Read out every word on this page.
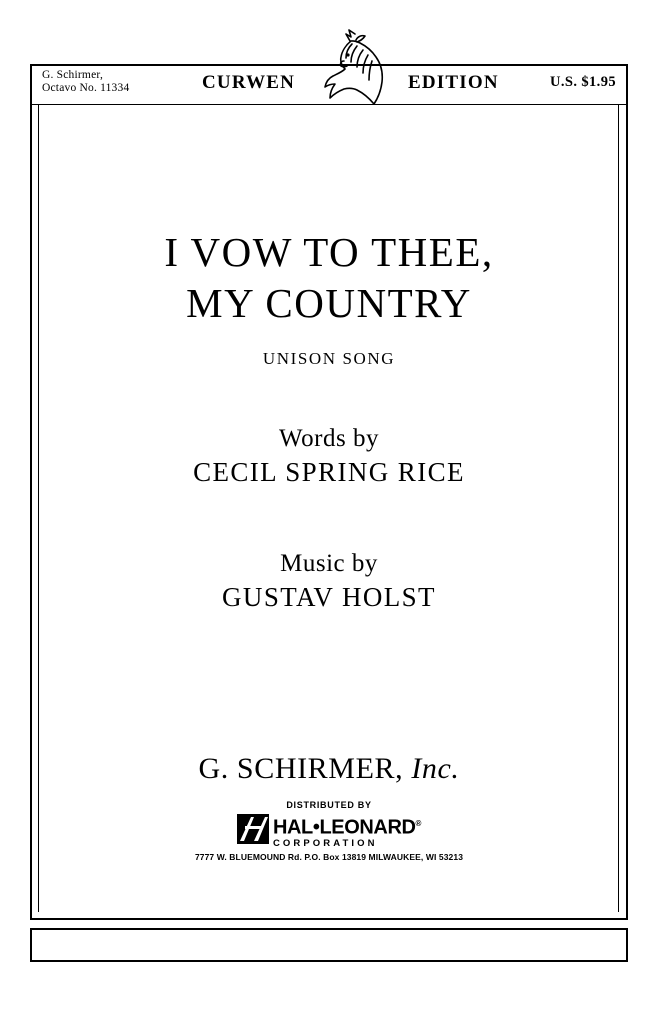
G. Schirmer,
Octavo No. 11334	CURWEN	EDITION	U.S. $1.95
I VOW TO THEE,
MY COUNTRY
UNISON SONG
Words by
CECIL SPRING RICE
Music by
GUSTAV HOLST
G. SCHIRMER, Inc.
DISTRIBUTED BY
HAL•LEONARD®
CORPORATION
7777 W. BLUEMOUND Rd. P.O. Box 13819 MILWAUKEE, WI 53213
